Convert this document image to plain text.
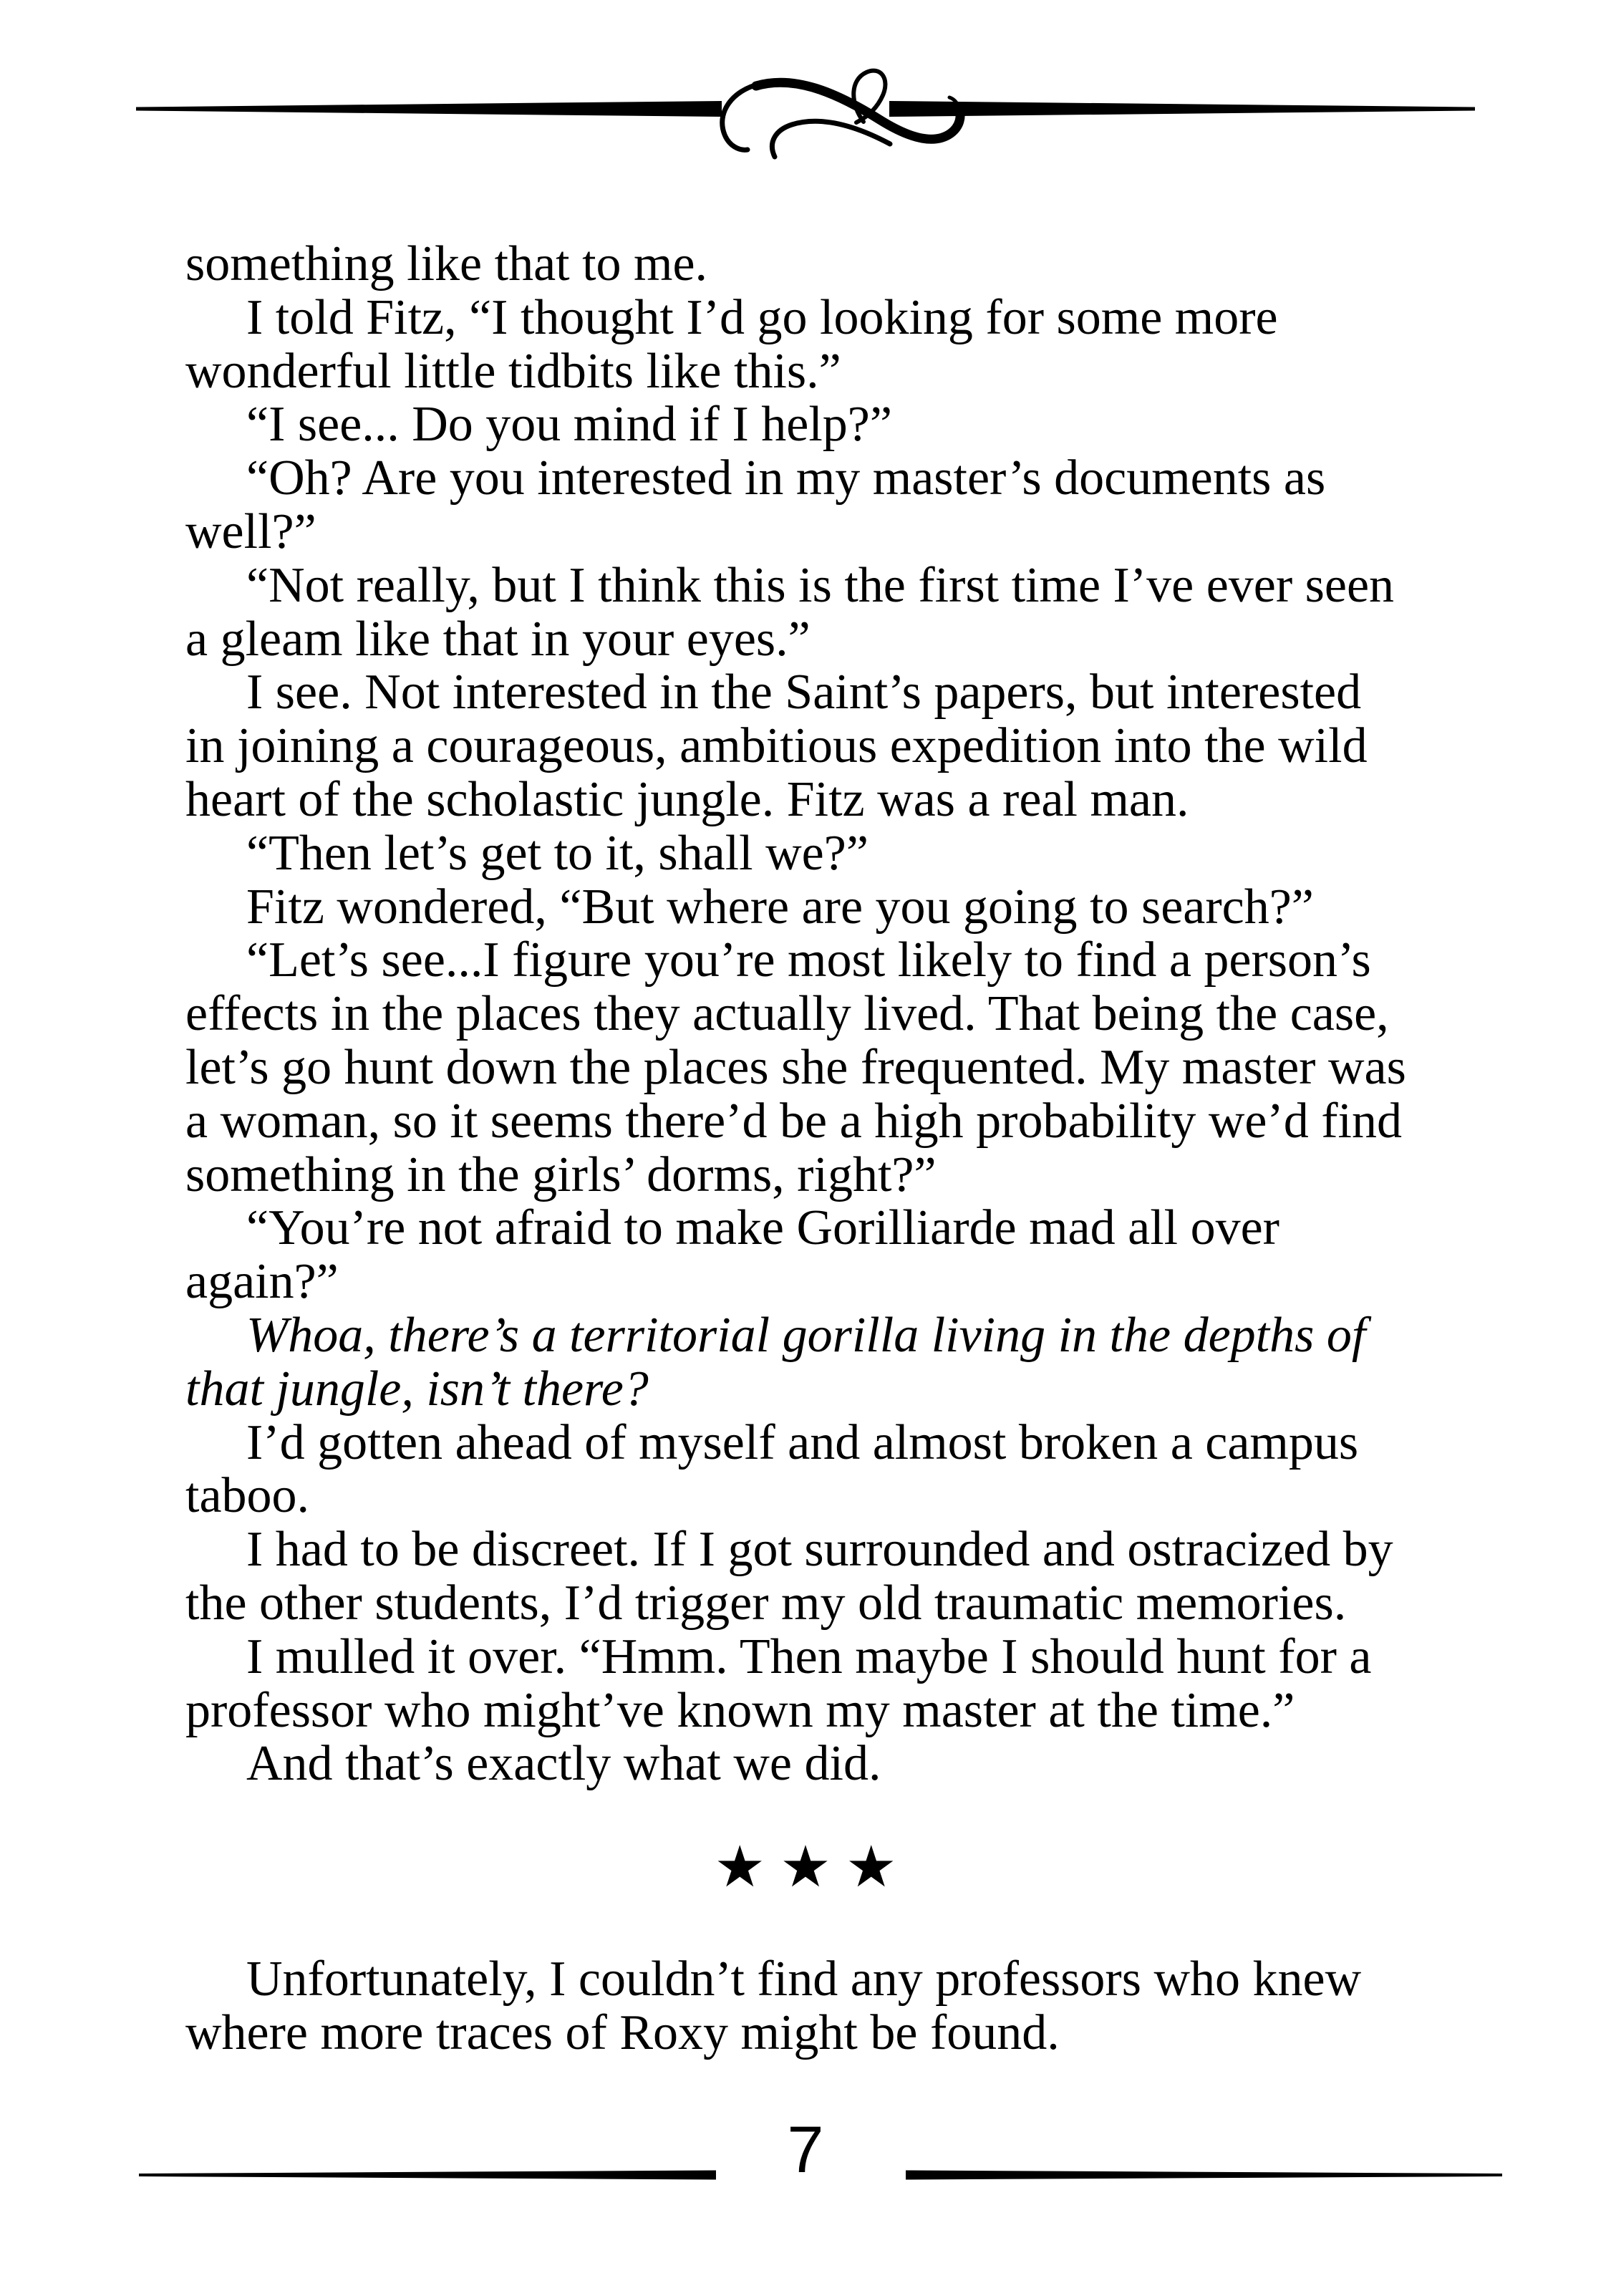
something like that to me.
I told Fitz, “I thought I’d go looking for some more
wonderful little tidbits like this.”
“I see... Do you mind if I help?”
“Oh? Are you interested in my master’s documents as
well?”
“Not really, but I think this is the first time I’ve ever seen
a gleam like that in your eyes.”
I see. Not interested in the Saint’s papers, but interested
in joining a courageous, ambitious expedition into the wild
heart of the scholastic jungle. Fitz was a real man.
“Then let’s get to it, shall we?”
Fitz wondered, “But where are you going to search?”
“Let’s see...I figure you’re most likely to find a person’s
effects in the places they actually lived. That being the case,
let’s go hunt down the places she frequented. My master was
a woman, so it seems there’d be a high probability we’d find
something in the girls’ dorms, right?”
“You’re not afraid to make Gorilliarde mad all over
again?”
Whoa, there’s a territorial gorilla living in the depths of
that jungle, isn’t there?
I’d gotten ahead of myself and almost broken a campus
taboo.
I had to be discreet. If I got surrounded and ostracized by
the other students, I’d trigger my old traumatic memories.
I mulled it over. “Hmm. Then maybe I should hunt for a
professor who might’ve known my master at the time.”
And that’s exactly what we did.
★★★
Unfortunately, I couldn’t find any professors who knew
where more traces of Roxy might be found.
7
